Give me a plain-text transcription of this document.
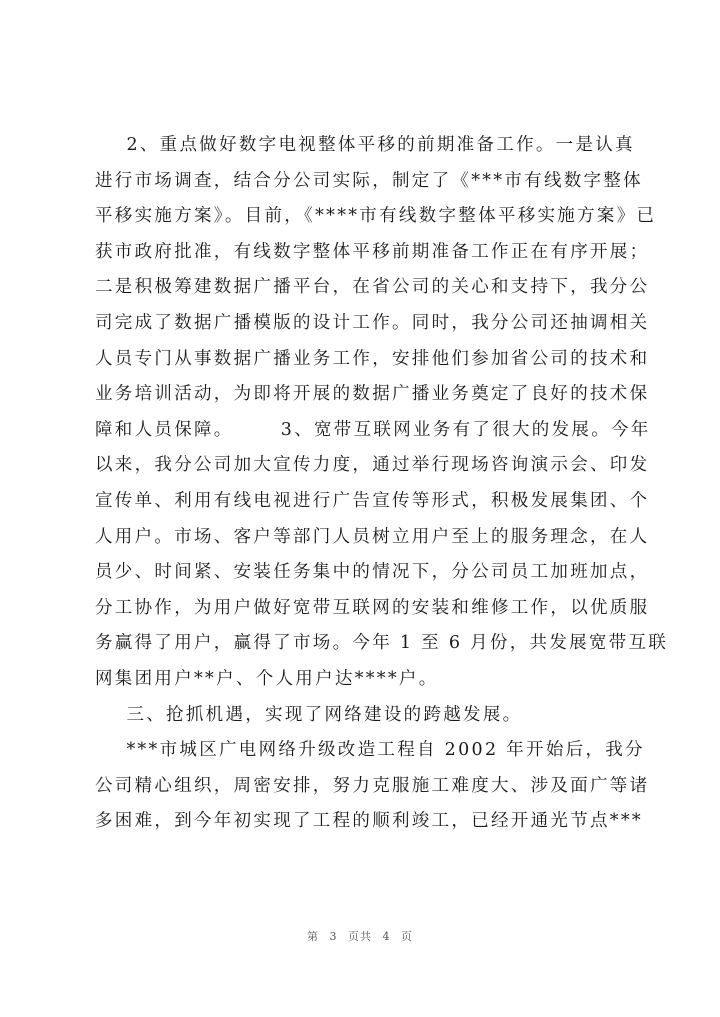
2、重点做好数字电视整体平移的前期准备工作。一是认真
进行市场调查，结合分公司实际，制定了《***市有线数字整体
平移实施方案》。目前，《****市有线数字整体平移实施方案》已
获市政府批准，有线数字整体平移前期准备工作正在有序开展；
二是积极筹建数据广播平台，在省公司的关心和支持下，我分公
司完成了数据广播模版的设计工作。同时，我分公司还抽调相关
人员专门从事数据广播业务工作，安排他们参加省公司的技术和
业务培训活动，为即将开展的数据广播业务奠定了良好的技术保
障和人员保障。      3、宽带互联网业务有了很大的发展。今年
以来，我分公司加大宣传力度，通过举行现场咨询演示会、印发
宣传单、利用有线电视进行广告宣传等形式，积极发展集团、个
人用户。市场、客户等部门人员树立用户至上的服务理念，在人
员少、时间紧、安装任务集中的情况下，分公司员工加班加点，
分工协作，为用户做好宽带互联网的安装和维修工作，以优质服
务赢得了用户，赢得了市场。今年 1 至 6 月份，共发展宽带互联
网集团用户**户、个人用户达****户。
三、抢抓机遇，实现了网络建设的跨越发展。
***市城区广电网络升级改造工程自 2002 年开始后，我分
公司精心组织，周密安排，努力克服施工难度大、涉及面广等诸
多困难，到今年初实现了工程的顺利竣工，已经开通光节点***
第 3 页共 4 页
